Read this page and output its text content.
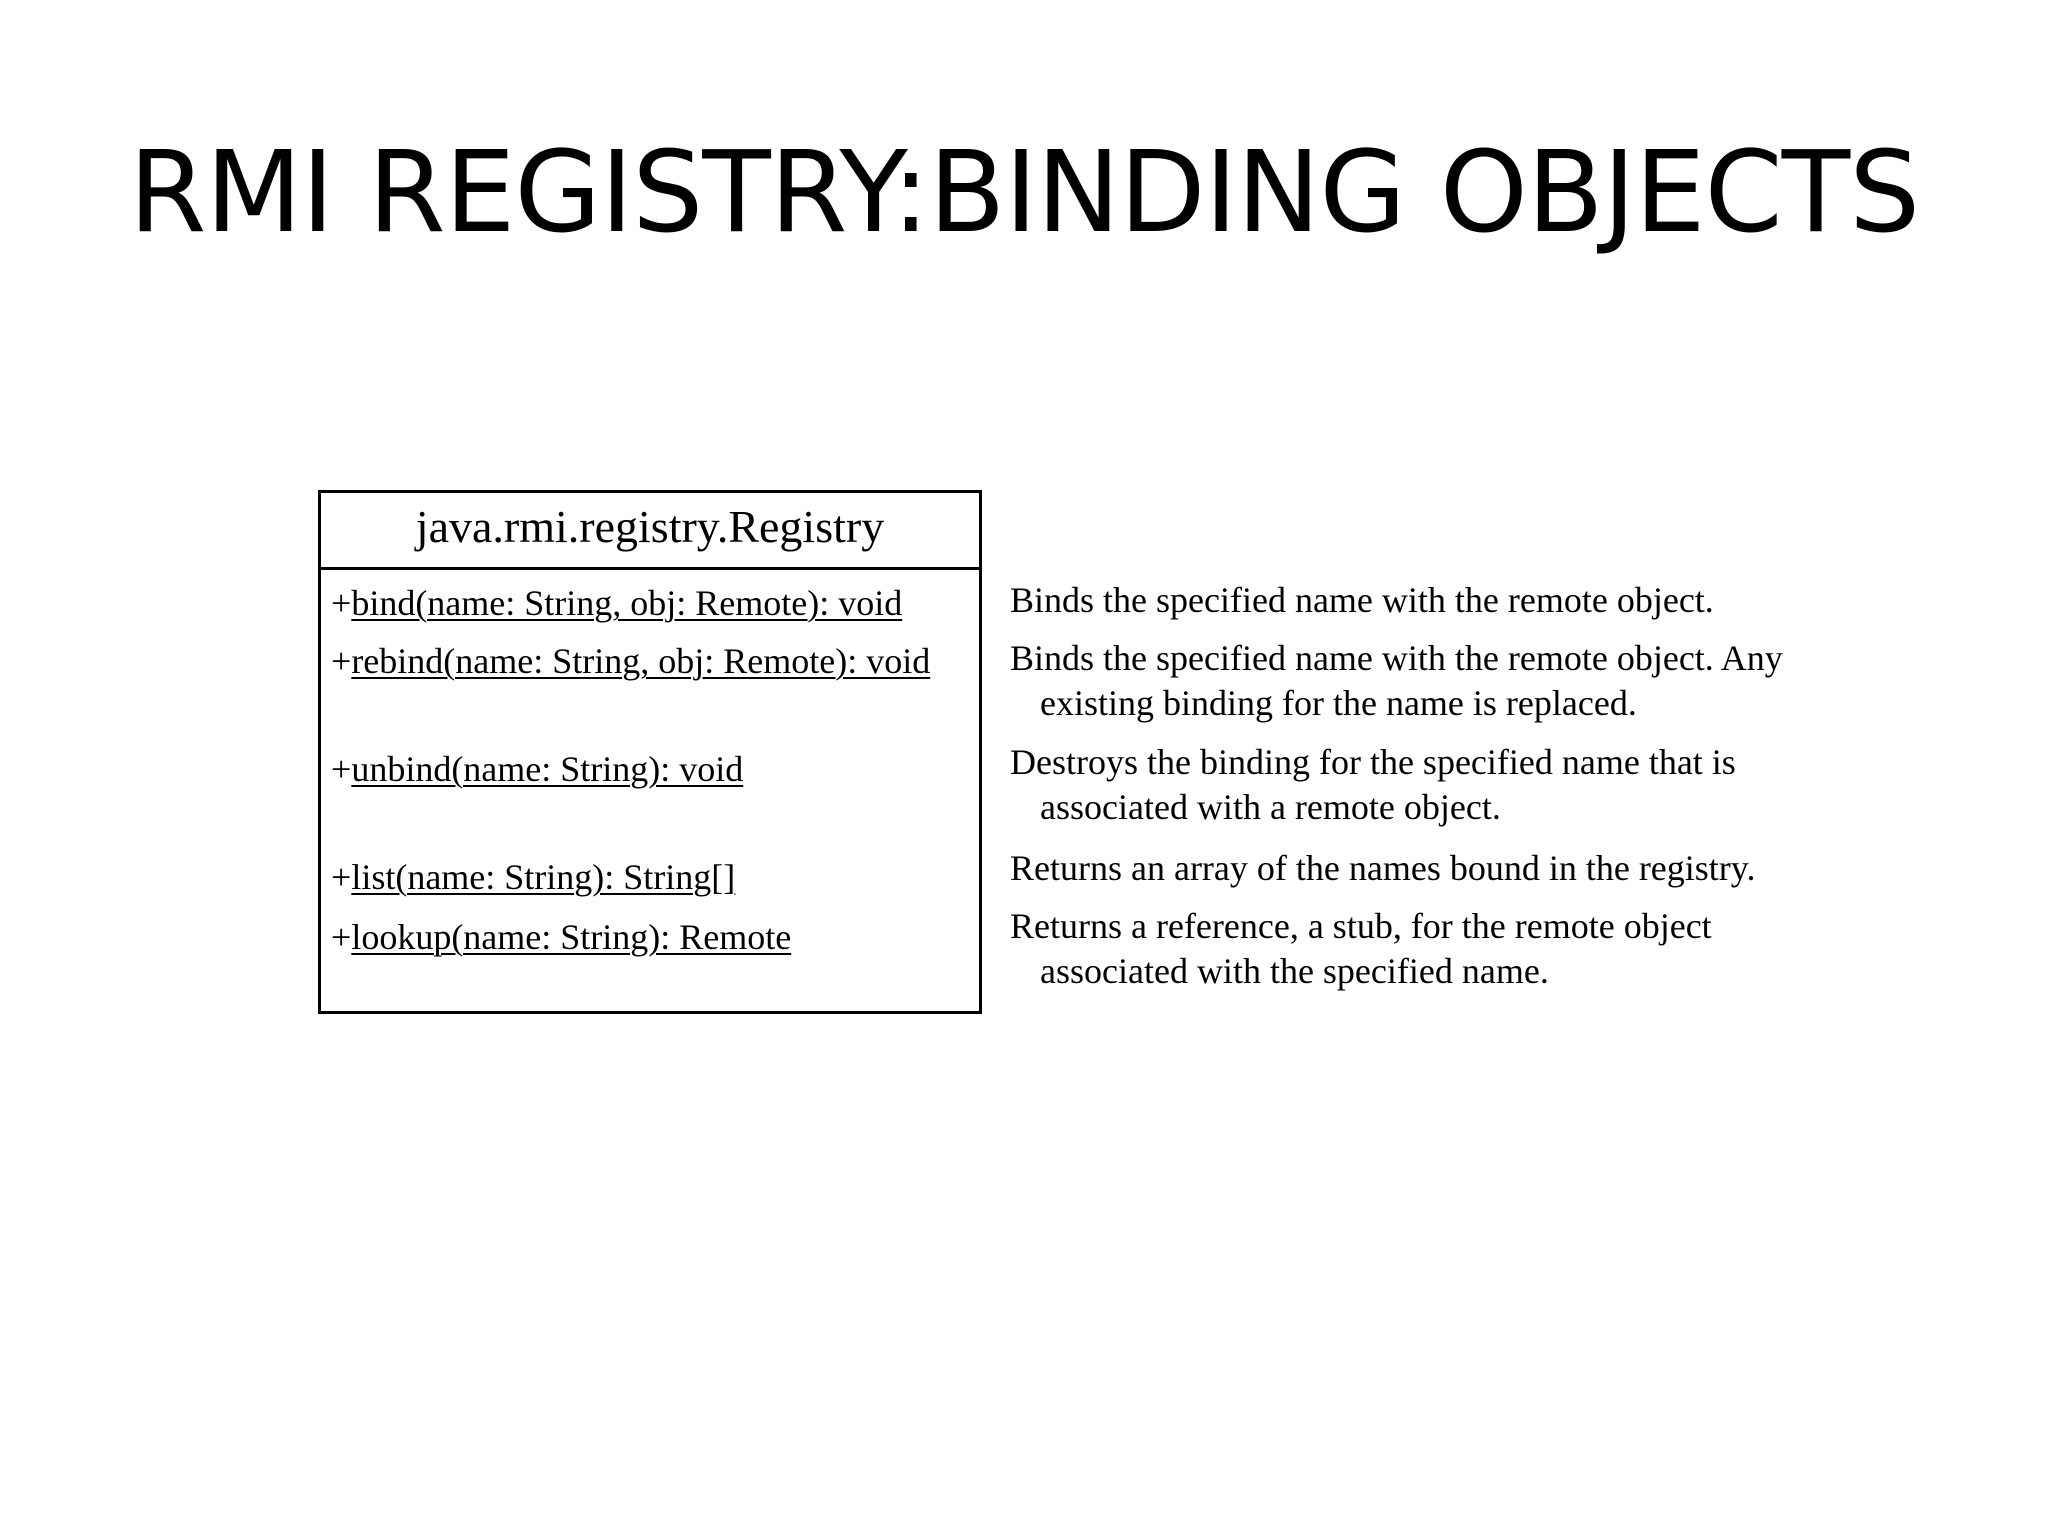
RMI REGISTRY:BINDING OBJECTS
java.rmi.registry.Registry
+bind(name: String, obj: Remote): void
+rebind(name: String, obj: Remote): void
+unbind(name: String): void
+list(name: String): String[]
+lookup(name: String): Remote
Binds the specified name with the remote object.
Binds the specified name with the remote object. Any
existing binding for the name is replaced.
Destroys the binding for the specified name that is
associated with a remote object.
Returns an array of the names bound in the registry.
Returns a reference, a stub, for the remote object
associated with the specified name.
